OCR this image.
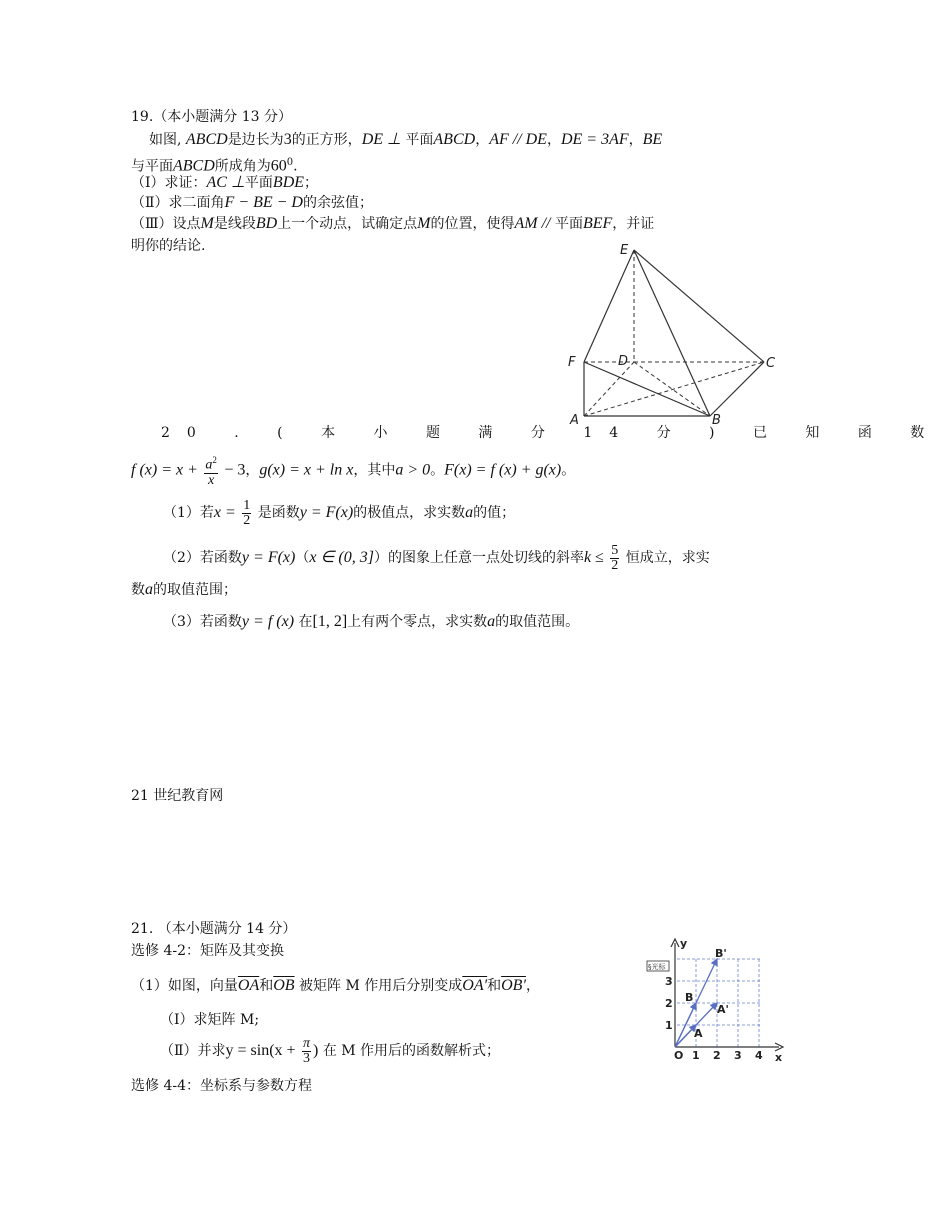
19.（本小题满分 13 分）
如图, ABCD是边长为3的正方形，DE ⊥ 平面ABCD，AF // DE，DE = 3AF，BE
与平面ABCD所成角为$60^0$.
（Ⅰ）求证：AC ⊥平面BDE；
（Ⅱ）求二面角F − BE − D的余弦值；
（Ⅲ）设点M是线段BD上一个动点，试确定点M的位置，使得AM // 平面BEF，并证
明你的结论.	E
F	D	C
A	B
20 . ( 本 小 题 满 分 14 分 ) 已 知 函 数
f $(x) = x + \frac{a^2}{x} - 3$，g(x) = x + ln x，其中a > 0。F(x) = f (x) + g(x)。
（1）若$x = \frac{1}{2}$ 是函数y = F(x)的极值点，求实数a的值；
（2）若函数y = F(x)（x ∈ (0, 3]）的图象上任意一点处切线的斜率$k \le \frac{5}{2}$ 恒成立，求实
数a的取值范围；
（3）若函数y = f (x) 在[1, 2]上有两个零点，求实数a的取值范围。
21 世纪教育网
21. （本小题满分 14 分）
选修 4-2：矩阵及其变换
（1）如图，向量$\overline{OA}$和$\overline{OB}$ 被矩阵 M 作用后分别变成OA′和OB′，
（Ⅰ）求矩阵 M;
（Ⅱ）并求$y = \sin(x + \frac{\pi}{3}$ ) 在 M 作用后的函数解析式；
选修 4-4：坐标系与参数方程
y
x
O 1 2 3 4
1
2
3
A
B
A'
B'
§光标
